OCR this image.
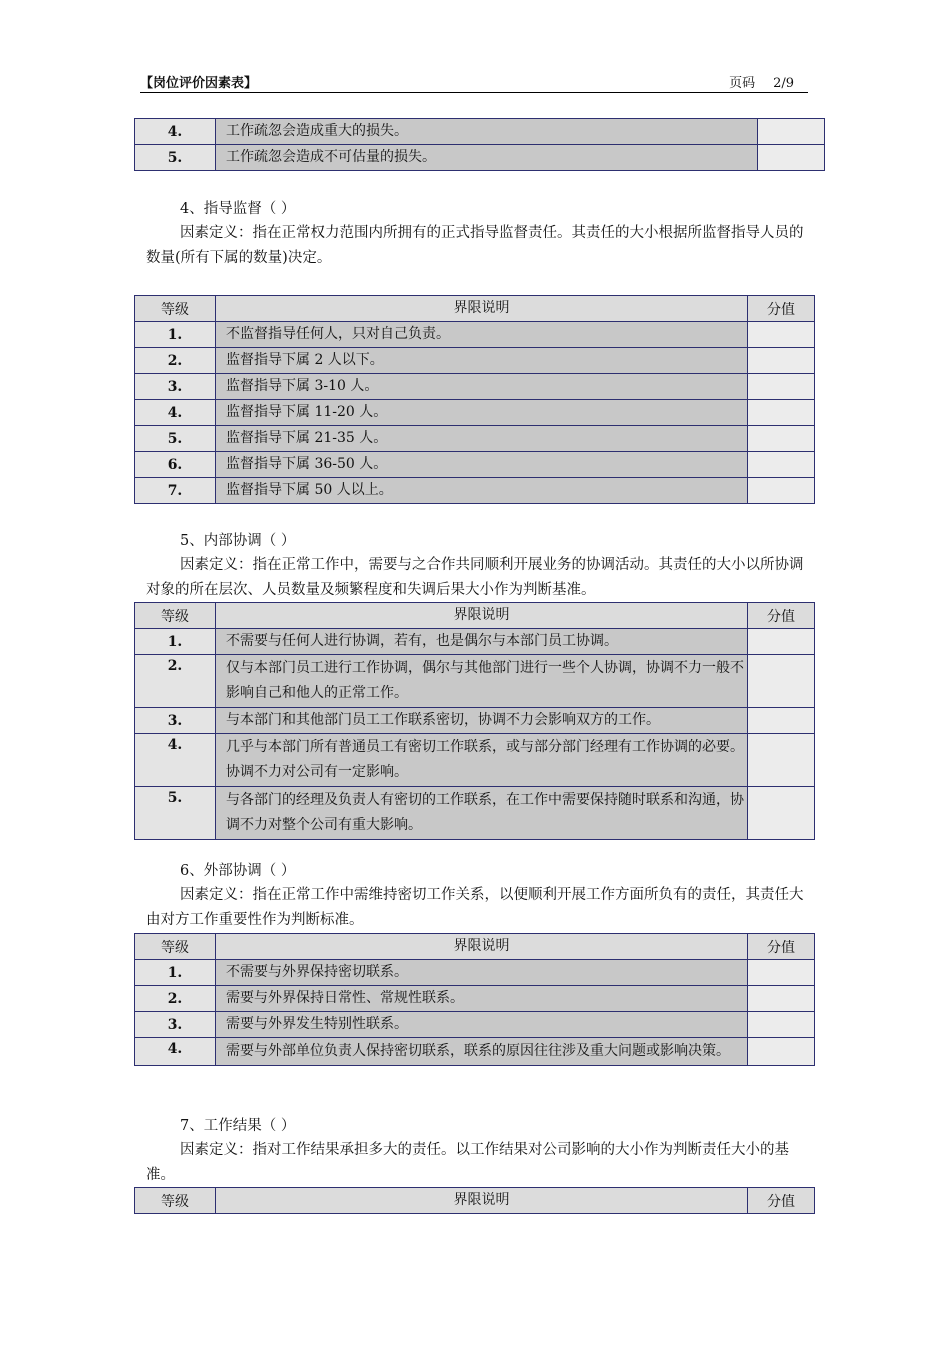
【岗位评价因素表】	页码 2/9
4.	工作疏忽会造成重大的损失。	
5.	工作疏忽会造成不可估量的损失。	
4、指导监督（ ）
因素定义：指在正常权力范围内所拥有的正式指导监督责任。其责任的大小根据所监督指导人员的数量(所有下属的数量)决定。
等级	界限说明	分值
1.	不监督指导任何人，只对自己负责。	
2.	监督指导下属 2 人以下。	
3.	监督指导下属 3-10 人。	
4.	监督指导下属 11-20 人。	
5.	监督指导下属 21-35 人。	
6.	监督指导下属 36-50 人。	
7.	监督指导下属 50 人以上。	
5、内部协调（ ）
因素定义：指在正常工作中，需要与之合作共同顺利开展业务的协调活动。其责任的大小以所协调对象的所在层次、人员数量及频繁程度和失调后果大小作为判断基准。
等级	界限说明	分值
1.	不需要与任何人进行协调，若有，也是偶尔与本部门员工协调。	
2.	仅与本部门员工进行工作协调，偶尔与其他部门进行一些个人协调，协调不力一般不影响自己和他人的正常工作。	
3.	与本部门和其他部门员工工作联系密切，协调不力会影响双方的工作。	
4.	几乎与本部门所有普通员工有密切工作联系，或与部分部门经理有工作协调的必要。协调不力对公司有一定影响。	
5.	与各部门的经理及负责人有密切的工作联系，在工作中需要保持随时联系和沟通，协调不力对整个公司有重大影响。	
6、外部协调（ ）
因素定义：指在正常工作中需维持密切工作关系，以便顺利开展工作方面所负有的责任，其责任大由对方工作重要性作为判断标准。
等级	界限说明	分值
1.	不需要与外界保持密切联系。	
2.	需要与外界保持日常性、常规性联系。	
3.	需要与外界发生特别性联系。	
4.	需要与外部单位负责人保持密切联系，联系的原因往往涉及重大问题或影响决策。	
7、工作结果（ ）
因素定义：指对工作结果承担多大的责任。以工作结果对公司影响的大小作为判断责任大小的基准。
等级	界限说明	分值
